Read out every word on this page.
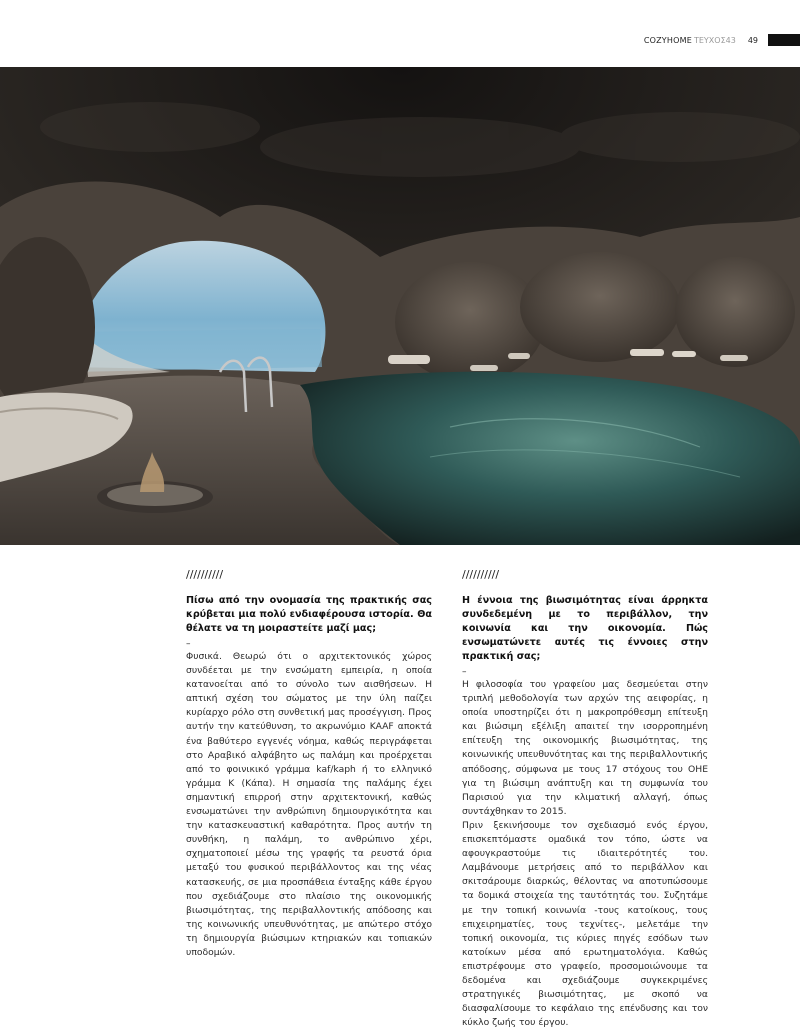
COZYHOME ΤΕΥΧΟΣ43 49
//////////
Πίσω από την ονομασία της πρακτικής σας κρύβεται μια πολύ ενδιαφέρουσα ιστορία. Θα θέλατε να τη μοιραστείτε μαζί μας;
–

Φυσικά. Θεωρώ ότι ο αρχιτεκτονικός χώρος συνδέεται με την ενσώματη εμπειρία, η οποία κατανοείται από το σύνολο των αισθήσεων. Η απτική σχέση του σώματος με την ύλη παίζει κυρίαρχο ρόλο στη συνθετική μας προσέγγιση. Προς αυτήν την κατεύθυνση, το ακρωνύμιο KAAF αποκτά ένα βαθύτερο εγγενές νόημα, καθώς περιγράφεται στο Αραβικό αλφάβητο ως παλάμη και προέρχεται από το φοινικικό γράμμα kaf/kaph ή το ελληνικό γράμμα Κ (Κάπα). Η σημασία της παλάμης έχει σημαντική επιρροή στην αρχιτεκτονική, καθώς ενσωματώνει την ανθρώπινη δημιουργικότητα και την κατασκευαστική καθαρότητα. Προς αυτήν τη συνθήκη, η παλάμη, το ανθρώπινο χέρι, σχηματοποιεί μέσω της γραφής τα ρευστά όρια μεταξύ του φυσικού περιβάλλοντος και της νέας κατασκευής, σε μια προσπάθεια ένταξης κάθε έργου που σχεδιάζουμε στο πλαίσιο της οικονομικής βιωσιμότητας, της περιβαλλοντικής απόδοσης και της κοινωνικής υπευθυνότητας, με απώτερο στόχο τη δημιουργία βιώσιμων κτηριακών και τοπιακών υποδομών.

//////////
Η έννοια της βιωσιμότητας είναι άρρηκτα συνδεδεμένη με το περιβάλλον, την κοινωνία και την οικονομία. Πώς ενσωματώνετε αυτές τις έννοιες στην πρακτική σας;
–

Η φιλοσοφία του γραφείου μας δεσμεύεται στην τριπλή μεθοδολογία των αρχών της αειφορίας, η οποία υποστηρίζει ότι η μακροπρόθεσμη επίτευξη και βιώσιμη εξέλιξη απαιτεί την ισορροπημένη επίτευξη της οικονομικής βιωσιμότητας, της κοινωνικής υπευθυνότητας και της περιβαλλοντικής απόδοσης, σύμφωνα με τους 17 στόχους του ΟΗΕ για τη βιώσιμη ανάπτυξη και τη συμφωνία του Παρισιού για την κλιματική αλλαγή, όπως συντάχθηκαν το 2015.

Πριν ξεκινήσουμε τον σχεδιασμό ενός έργου, επισκεπτόμαστε ομαδικά τον τόπο, ώστε να αφουγκραστούμε τις ιδιαιτερότητές του. Λαμβάνουμε μετρήσεις από το περιβάλλον και σκιτσάρουμε διαρκώς, θέλοντας να αποτυπώσουμε τα δομικά στοιχεία της ταυτότητάς του. Συζητάμε με την τοπική κοινωνία -τους κατοίκους, τους επιχειρηματίες, τους τεχνίτες-, μελετάμε την τοπική οικονομία, τις κύριες πηγές εσόδων των κατοίκων μέσα από ερωτηματολόγια. Καθώς επιστρέφουμε στο γραφείο, προσομοιώνουμε τα δεδομένα και σχεδιάζουμε συγκεκριμένες στρατηγικές βιωσιμότητας, με σκοπό να διασφαλίσουμε το κεφάλαιο της επένδυσης και τον κύκλο ζωής του έργου.
